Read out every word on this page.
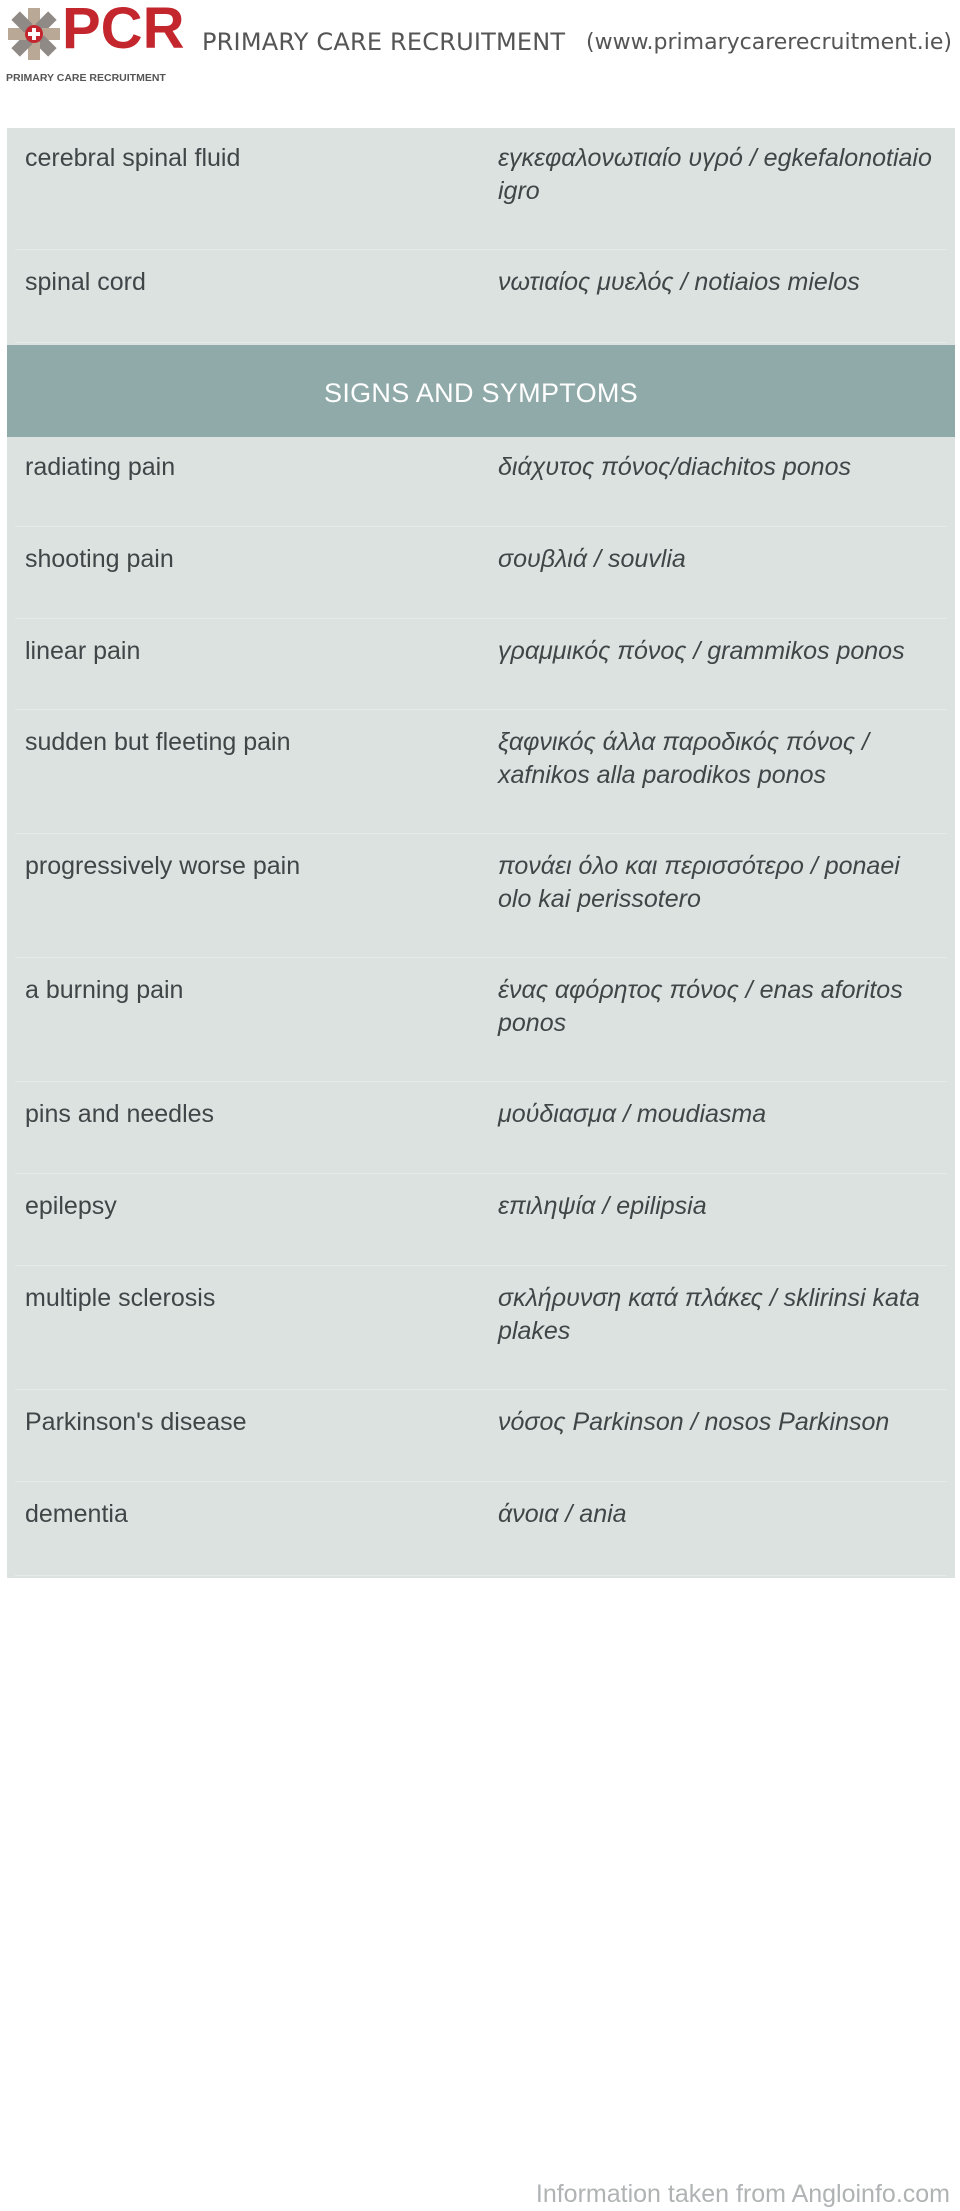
PCR
PRIMARY CARE RECRUITMENT
PRIMARY CARE RECRUITMENT (www.primarycarerecruitment.ie)
cerebral spinal fluid	εγκεφαλονωτιαίο υγρό / egkefalonotiaio igro
spinal cord	νωτιαίος μυελός / notiaios mielos
SIGNS AND SYMPTOMS
radiating pain	διάχυτος πόνος/diachitos ponos
shooting pain	σουβλιά / souvlia
linear pain	γραμμικός πόνος / grammikos ponos
sudden but fleeting pain	ξαφνικός άλλα παροδικός πόνος / xafnikos alla parodikos ponos
progressively worse pain	πονάει όλο και περισσότερο / ponaei olo kai perissotero
a burning pain	ένας αφόρητος πόνος / enas aforitos ponos
pins and needles	μούδιασμα / moudiasma
epilepsy	επιληψία / epilipsia
multiple sclerosis	σκλήρυνση κατά πλάκες / sklirinsi kata plakes
Parkinson's disease	νόσος Parkinson / nosos Parkinson
dementia	άνοια / ania
Information taken from Angloinfo.com
